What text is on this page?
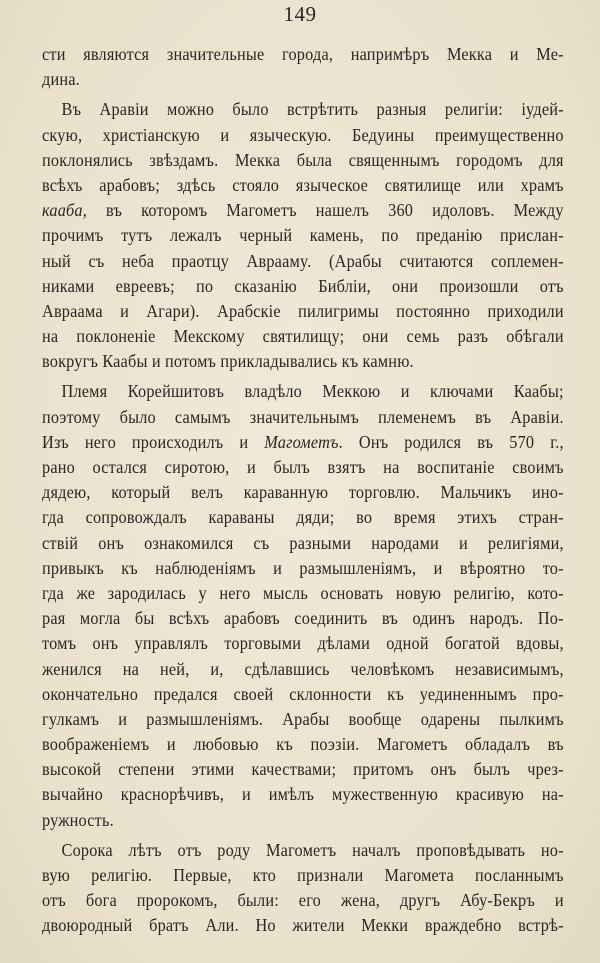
149
сти являются значительные города, напримѣръ Мекка и Ме-
дина.
Въ Аравіи можно было встрѣтить разныя религіи: іудей-
скую, христіанскую и языческую. Бедуины преимущественно
поклонялись звѣздамъ. Мекка была священнымъ городомъ для
всѣхъ арабовъ; здѣсь стояло языческое святилище или храмъ
кааба, въ которомъ Магометъ нашелъ 360 идоловъ. Между
прочимъ тутъ лежалъ черный камень, по преданію прислан-
ный съ неба праотцу Авраамy. (Арабы считаются соплемен-
никами евреевъ; по сказанію Библіи, они произошли отъ
Авраама и Агари). Арабскіе пилигримы постоянно приходили
на поклоненіе Мекскому святилищу; они семь разъ обѣгали
вокругъ Каабы и потомъ прикладывались къ камню.
Племя Корейшитовъ владѣло Меккою и ключами Каабы;
поэтому было самымъ значительнымъ племенемъ въ Аравіи.
Изъ него происходилъ и Магометъ. Онъ родился въ 570 г.,
рано остался сиротою, и былъ взятъ на воспитаніе своимъ
дядею, который велъ караванную торговлю. Мальчикъ ино-
гда сопровождалъ караваны дяди; во время этихъ стран-
ствій онъ ознакомился съ разными народами и религіями,
привыкъ къ наблюденіямъ и размышленіямъ, и вѣроятно то-
гда же зародилась у него мысль основать новую религію, кото-
рая могла бы всѣхъ арабовъ соединить въ одинъ народъ. По-
томъ онъ управлялъ торговыми дѣлами одной богатой вдовы,
женился на ней, и, сдѣлавшись человѣкомъ независимымъ,
окончательно предался своей склонности къ уединеннымъ про-
гулкамъ и размышленіямъ. Арабы вообще одарены пылкимъ
воображеніемъ и любовью къ поэзіи. Магометъ обладалъ въ
высокой степени этими качествами; притомъ онъ былъ чрез-
вычайно краснорѣчивъ, и имѣлъ мужественную красивую на-
ружность.
Сорока лѣтъ отъ роду Магометъ началъ проповѣдывать но-
вую религію. Первые, кто признали Магомета посланнымъ
отъ бога пророкомъ, были: его жена, другъ Абу-Бекръ и
двоюродный братъ Али. Но жители Мекки враждебно встрѣ-
